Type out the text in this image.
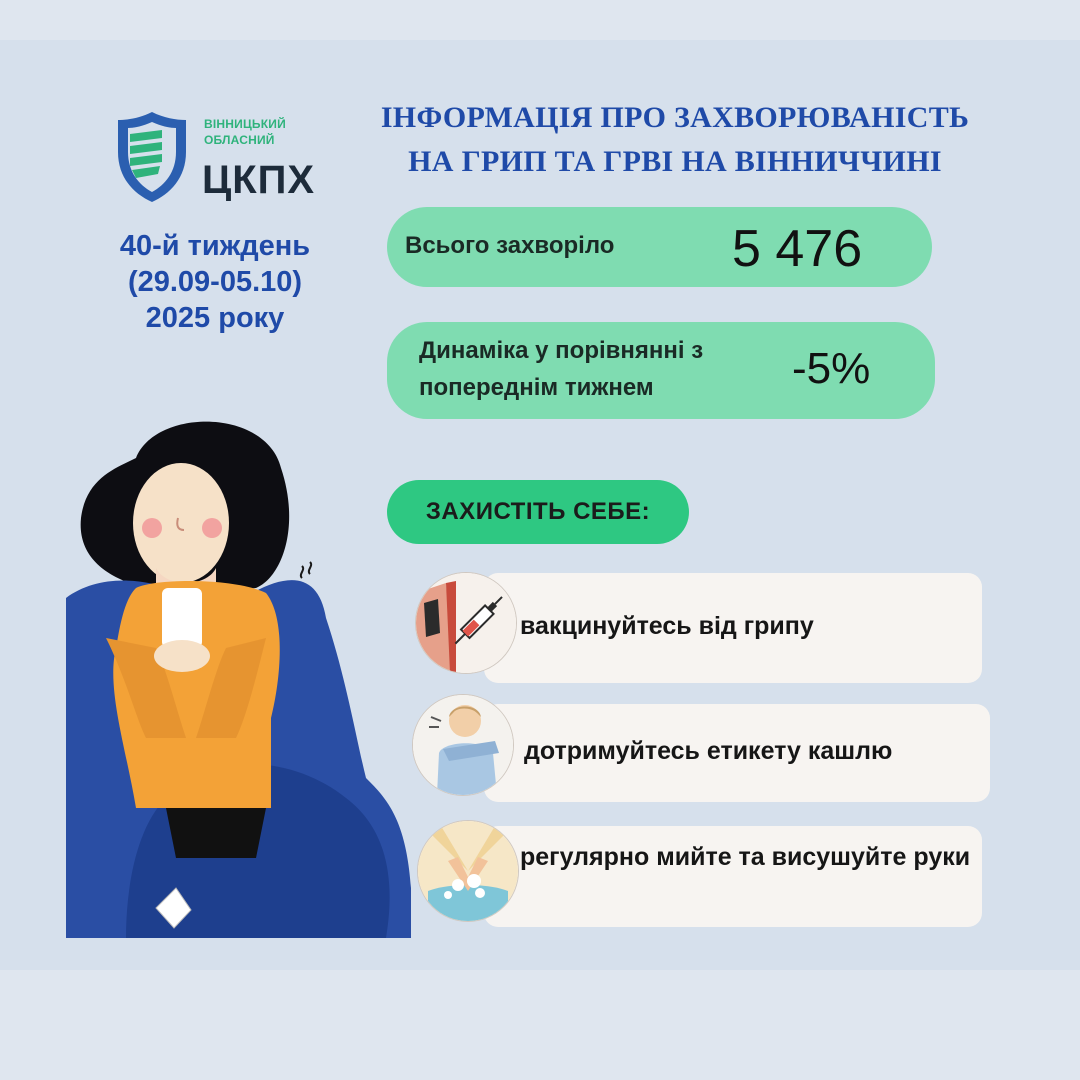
ВІННИЦЬКИЙ
ОБЛАСНИЙ
ЦКПХ
40-й тиждень
(29.09-05.10)
2025 року
ІНФОРМАЦІЯ ПРО ЗАХВОРЮВАНІСТЬ
НА ГРИП ТА ГРВІ НА ВІННИЧЧИНІ
Всього захворіло 5 476
Динаміка у порівнянні з
попереднім тижнем	-5%
ЗАХИСТІТЬ СЕБЕ:
вакцинуйтесь від грипу
дотримуйтесь етикету кашлю
регулярно мийте та висушуйте руки
